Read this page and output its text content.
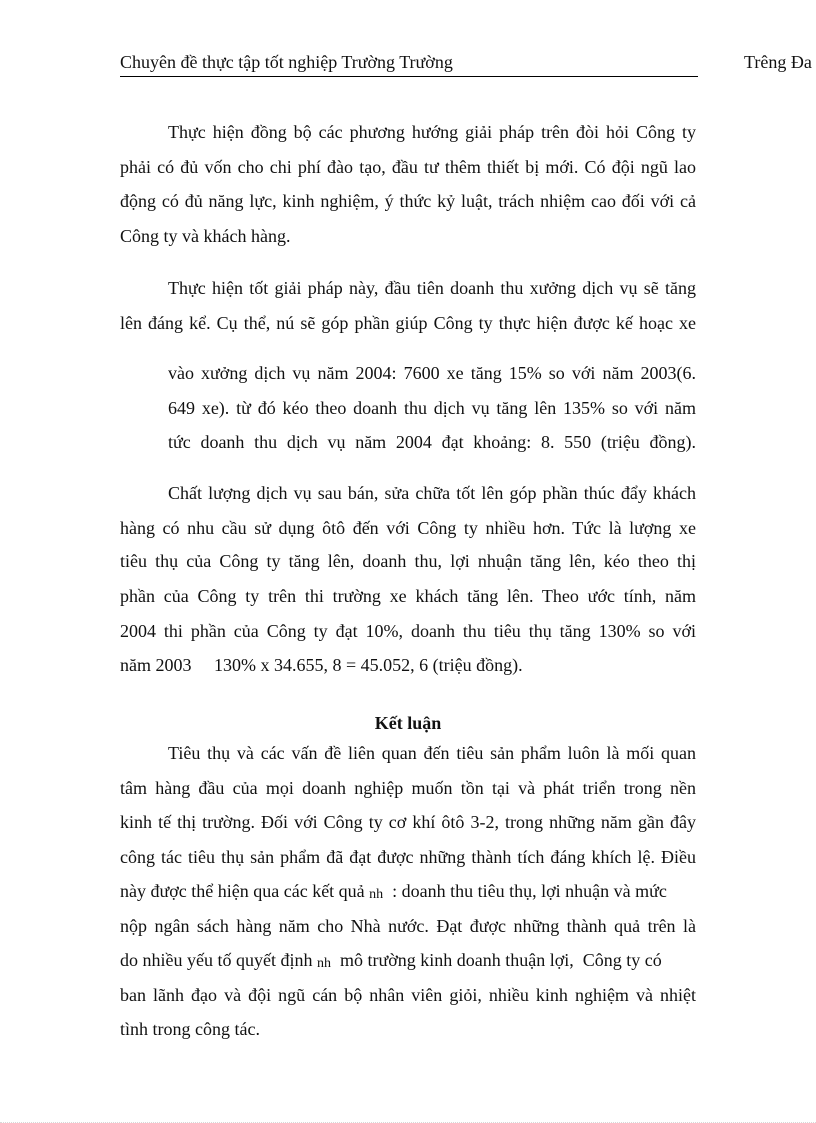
Chuyên đề thực tập tốt nghiệp Trường Trường	Trêng Đa
Thực hiện đồng bộ các phương hướng giải pháp trên đòi hỏi Công ty
phải có đủ vốn cho chi phí đào tạo, đầu tư thêm thiết bị mới. Có đội ngũ lao
động có đủ năng lực, kinh nghiệm, ý thức kỷ luật, trách nhiệm cao đối với cả
Công ty và khách hàng.
Thực hiện tốt giải pháp này, đầu tiên doanh thu xưởng dịch vụ sẽ tăng
lên đáng kể. Cụ thể, nú sẽ góp phần giúp Công ty thực hiện được kế hoạc xe
vào xưởng dịch vụ năm 2004: 7600 xe tăng 15% so với năm 2003(6.
649 xe). từ đó kéo theo doanh thu dịch vụ tăng lên 135% so với năm
tức doanh thu dịch vụ năm 2004 đạt khoảng: 8. 550 (triệu đồng).
Chất lượng dịch vụ sau bán, sửa chữa tốt lên góp phần thúc đẩy khách
hàng có nhu cầu sử dụng ôtô đến với Công ty nhiều hơn. Tức là lượng xe
tiêu thụ của Công ty tăng lên, doanh thu, lợi nhuận tăng lên, kéo theo thị
phần của Công ty trên thi trường xe khách tăng lên. Theo ước tính, năm
2004 thi phần của Công ty đạt 10%, doanh thu tiêu thụ tăng 130% so với
năm 2003     130% x 34.655, 8 = 45.052, 6 (triệu đồng).
Kết luận
Tiêu thụ và các vấn đề liên quan đến tiêu sản phẩm luôn là mối quan
tâm hàng đầu của mọi doanh nghiệp muốn tồn tại và phát triển trong nền
kinh tế thị trường. Đối với Công ty cơ khí ôtô 3-2, trong những năm gần đây
công tác tiêu thụ sản phẩm đã đạt được những thành tích đáng khích lệ. Điều
này được thể hiện qua các kết quả nh : doanh thu tiêu thụ, lợi nhuận và mức
nộp ngân sách hàng năm cho Nhà nước. Đạt được những thành quả trên là
do nhiều yếu tố quyết định nh mô trường kinh doanh thuận lợi,  Công ty có
ban lãnh đạo và đội ngũ cán bộ nhân viên giỏi, nhiều kinh nghiệm và nhiệt
tình trong công tác.
